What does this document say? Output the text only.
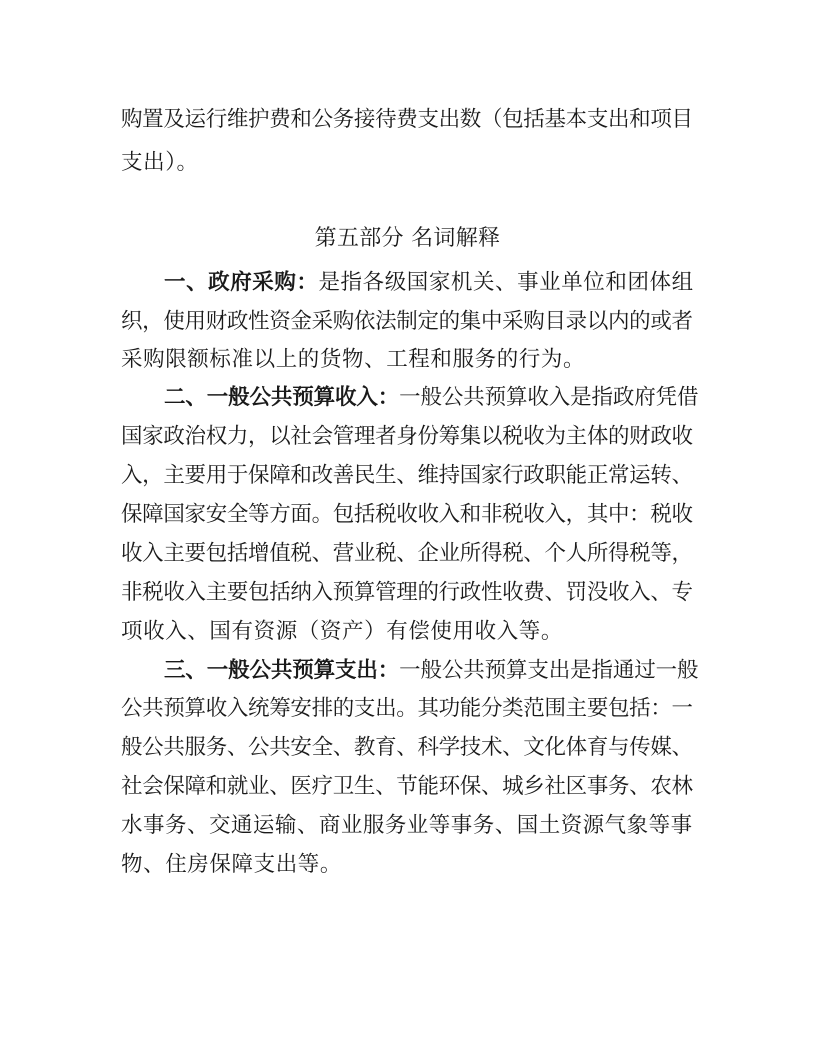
购置及运行维护费和公务接待费支出数（包括基本支出和项目
支出）。
第五部分 名词解释
一、政府采购：是指各级国家机关、事业单位和团体组
织，使用财政性资金采购依法制定的集中采购目录以内的或者
采购限额标准以上的货物、工程和服务的行为。
二、一般公共预算收入：一般公共预算收入是指政府凭借
国家政治权力，以社会管理者身份筹集以税收为主体的财政收
入，主要用于保障和改善民生、维持国家行政职能正常运转、
保障国家安全等方面。包括税收收入和非税收入，其中：税收
收入主要包括增值税、营业税、企业所得税、个人所得税等，
非税收入主要包括纳入预算管理的行政性收费、罚没收入、专
项收入、国有资源（资产）有偿使用收入等。
三、一般公共预算支出：一般公共预算支出是指通过一般
公共预算收入统筹安排的支出。其功能分类范围主要包括：一
般公共服务、公共安全、教育、科学技术、文化体育与传媒、
社会保障和就业、医疗卫生、节能环保、城乡社区事务、农林
水事务、交通运输、商业服务业等事务、国土资源气象等事
物、住房保障支出等。
